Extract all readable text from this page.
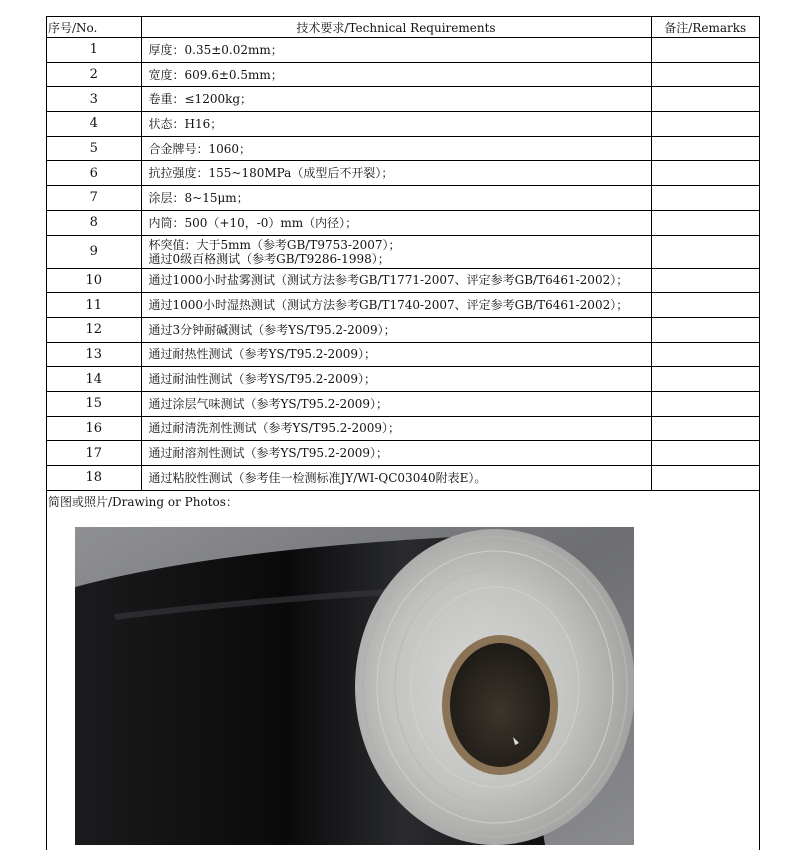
序号/No.	技术要求/Technical Requirements	备注/Remarks
1	厚度：0.35±0.02mm；	

2	宽度：609.6±0.5mm；	

3	卷重：≤1200kg；	

4	状态：H16；	

5	合金牌号：1060；	

6	抗拉强度：155~180MPa（成型后不开裂）；	

7	涂层：8~15μm；	

8	内筒：500（+10，-0）mm（内径）；	

9	杯突值：大于5mm（参考GB/T9753-2007）；
通过0级百格测试（参考GB/T9286-1998）；	

10	通过1000小时盐雾测试（测试方法参考GB/T1771-2007、评定参考GB/T6461-2002）；	

11	通过1000小时湿热测试（测试方法参考GB/T1740-2007、评定参考GB/T6461-2002）；	

12	通过3分钟耐碱测试（参考YS/T95.2-2009）；	

13	通过耐热性测试（参考YS/T95.2-2009）；	

14	通过耐油性测试（参考YS/T95.2-2009）；	

15	通过涂层气味测试（参考YS/T95.2-2009）；	

16	通过耐清洗剂性测试（参考YS/T95.2-2009）；	

17	通过耐溶剂性测试（参考YS/T95.2-2009）；	

18	通过粘胶性测试（参考佳一检测标准JY/WI-QC03040附表E）。	

简图或照片/Drawing or Photos：
